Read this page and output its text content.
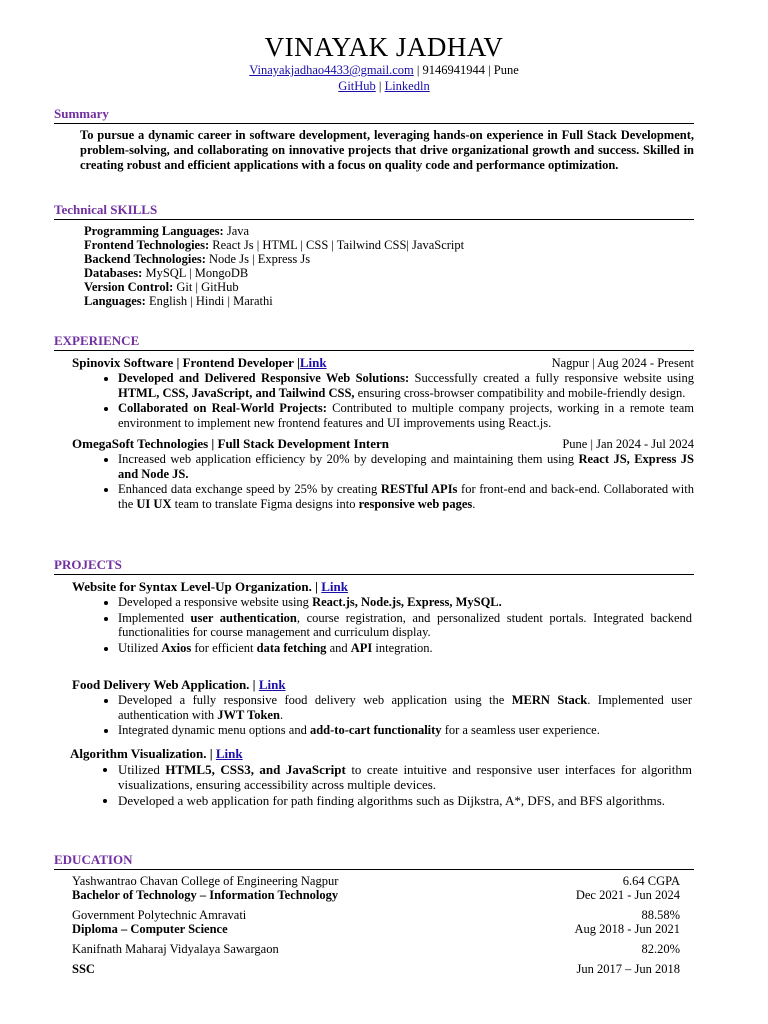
VINAYAK JADHAV
Vinayakjadhao4433@gmail.com | 9146941944 | Pune
GitHub | Linkedln
Summary
To pursue a dynamic career in software development, leveraging hands-on experience in Full Stack Development, problem-solving, and collaborating on innovative projects that drive organizational growth and success. Skilled in creating robust and efficient applications with a focus on quality code and performance optimization.
Technical SKILLS
Programming Languages: Java
Frontend Technologies: React Js | HTML | CSS | Tailwind CSS| JavaScript
Backend Technologies: Node Js | Express Js
Databases: MySQL | MongoDB
Version Control: Git | GitHub
Languages: English | Hindi | Marathi
EXPERIENCE
Spinovix Software | Frontend Developer |Link	Nagpur | Aug 2024 - Present
• Developed and Delivered Responsive Web Solutions: Successfully created a fully responsive website using HTML, CSS, JavaScript, and Tailwind CSS, ensuring cross-browser compatibility and mobile-friendly design.
• Collaborated on Real-World Projects: Contributed to multiple company projects, working in a remote team environment to implement new frontend features and UI improvements using React.js.
OmegaSoft Technologies | Full Stack Development Intern	Pune | Jan 2024 - Jul 2024
• Increased web application efficiency by 20% by developing and maintaining them using React JS, Express JS and Node JS.
• Enhanced data exchange speed by 25% by creating RESTful APIs for front-end and back-end. Collaborated with the UI UX team to translate Figma designs into responsive web pages.
PROJECTS
Website for Syntax Level-Up Organization. | Link
• Developed a responsive website using React.js, Node.js, Express, MySQL.
• Implemented user authentication, course registration, and personalized student portals. Integrated backend functionalities for course management and curriculum display.
• Utilized Axios for efficient data fetching and API integration.
Food Delivery Web Application. | Link
• Developed a fully responsive food delivery web application using the MERN Stack. Implemented user authentication with JWT Token.
• Integrated dynamic menu options and add-to-cart functionality for a seamless user experience.
Algorithm Visualization. | Link
• Utilized HTML5, CSS3, and JavaScript to create intuitive and responsive user interfaces for algorithm visualizations, ensuring accessibility across multiple devices.
• Developed a web application for path finding algorithms such as Dijkstra, A*, DFS, and BFS algorithms.
EDUCATION
Yashwantrao Chavan College of Engineering Nagpur	6.64 CGPA
Bachelor of Technology – Information Technology	Dec 2021 - Jun 2024
Government Polytechnic Amravati	88.58%
Diploma – Computer Science	Aug 2018 - Jun 2021
Kanifnath Maharaj Vidyalaya Sawargaon	82.20%
SSC	Jun 2017 – Jun 2018
